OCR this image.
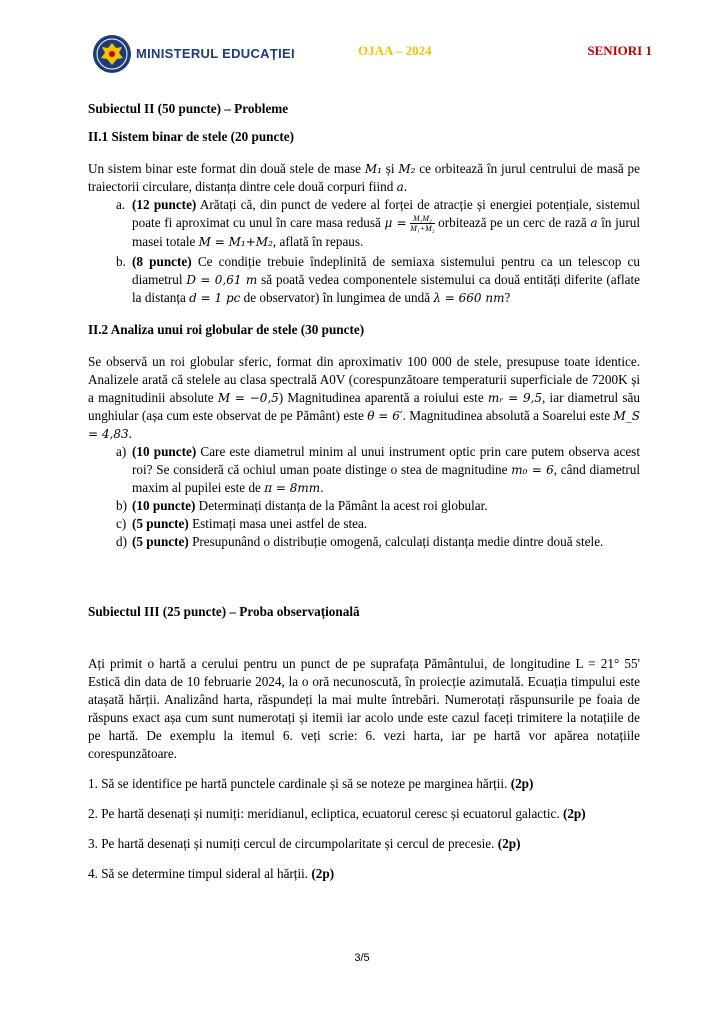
MINISTERUL EDUCAȚIEI	OJAA – 2024	SENIORI 1

Subiectul II (50 puncte) – Probleme

II.1 Sistem binar de stele (20 puncte)

Un sistem binar este format din două stele de mase M₁ și M₂ ce orbitează în jurul centrului de masă pe traiectorii circulare, distanța dintre cele două corpuri fiind a.

a. (12 puncte) Arătați că, din punct de vedere al forței de atracție și energiei potențiale, sistemul poate fi aproximat cu unul în care masa redusă $\mu = \frac{\text{M₁M₂}}{\text{M₁+M₂}}$ orbitează pe un cerc de rază a în jurul masei totale M = M₁+M₂, aflată în repaus.
b. (8 puncte) Ce condiție trebuie îndeplinită de semiaxa sistemului pentru ca un telescop cu diametrul D = 0,61 m să poată vedea componentele sistemului ca două entități diferite (aflate la distanța d = 1 pc de observator) în lungimea de undă λ = 660 nm?

II.2 Analiza unui roi globular de stele (30 puncte)

Se observă un roi globular sferic, format din aproximativ 100 000 de stele, presupuse toate identice. Analizele arată că stelele au clasa spectrală A0V (corespunzătoare temperaturii superficiale de 7200K și a magnitudinii absolute M = −0,5) Magnitudinea aparentă a roiului este mᵣ = 9,5, iar diametrul său unghiular (așa cum este observat de pe Pământ) este θ = 6′. Magnitudinea absolută a Soarelui este M_S = 4,83.

a) (10 puncte) Care este diametrul minim al unui instrument optic prin care putem observa acest roi? Se consideră că ochiul uman poate distinge o stea de magnitudine m₀ = 6, când diametrul maxim al pupilei este de π = 8mm.
b) (10 puncte) Determinați distanța de la Pământ la acest roi globular.
c) (5 puncte) Estimați masa unei astfel de stea.
d) (5 puncte) Presupunând o distribuție omogenă, calculați distanța medie dintre două stele.

Subiectul III (25 puncte) – Proba observațională

Ați primit o hartă a cerului pentru un punct de pe suprafața Pământului, de longitudine L = 21° 55' Estică din data de 10 februarie 2024, la o oră necunoscută, în proiecție azimutală. Ecuația timpului este atașată hărții. Analizând harta, răspundeți la mai multe întrebări. Numerotați răspunsurile pe foaia de răspuns exact așa cum sunt numerotați și itemii iar acolo unde este cazul faceți trimitere la notațiile de pe hartă. De exemplu la itemul 6. veți scrie: 6. vezi harta, iar pe hartă vor apărea notațiile corespunzătoare.

1. Să se identifice pe hartă punctele cardinale și să se noteze pe marginea hărții. (2p)

2. Pe hartă desenați și numiți: meridianul, ecliptica, ecuatorul ceresc și ecuatorul galactic. (2p)

3. Pe hartă desenați și numiți cercul de circumpolaritate și cercul de precesie. (2p)

4. Să se determine timpul sideral al hărții. (2p)

3/5
